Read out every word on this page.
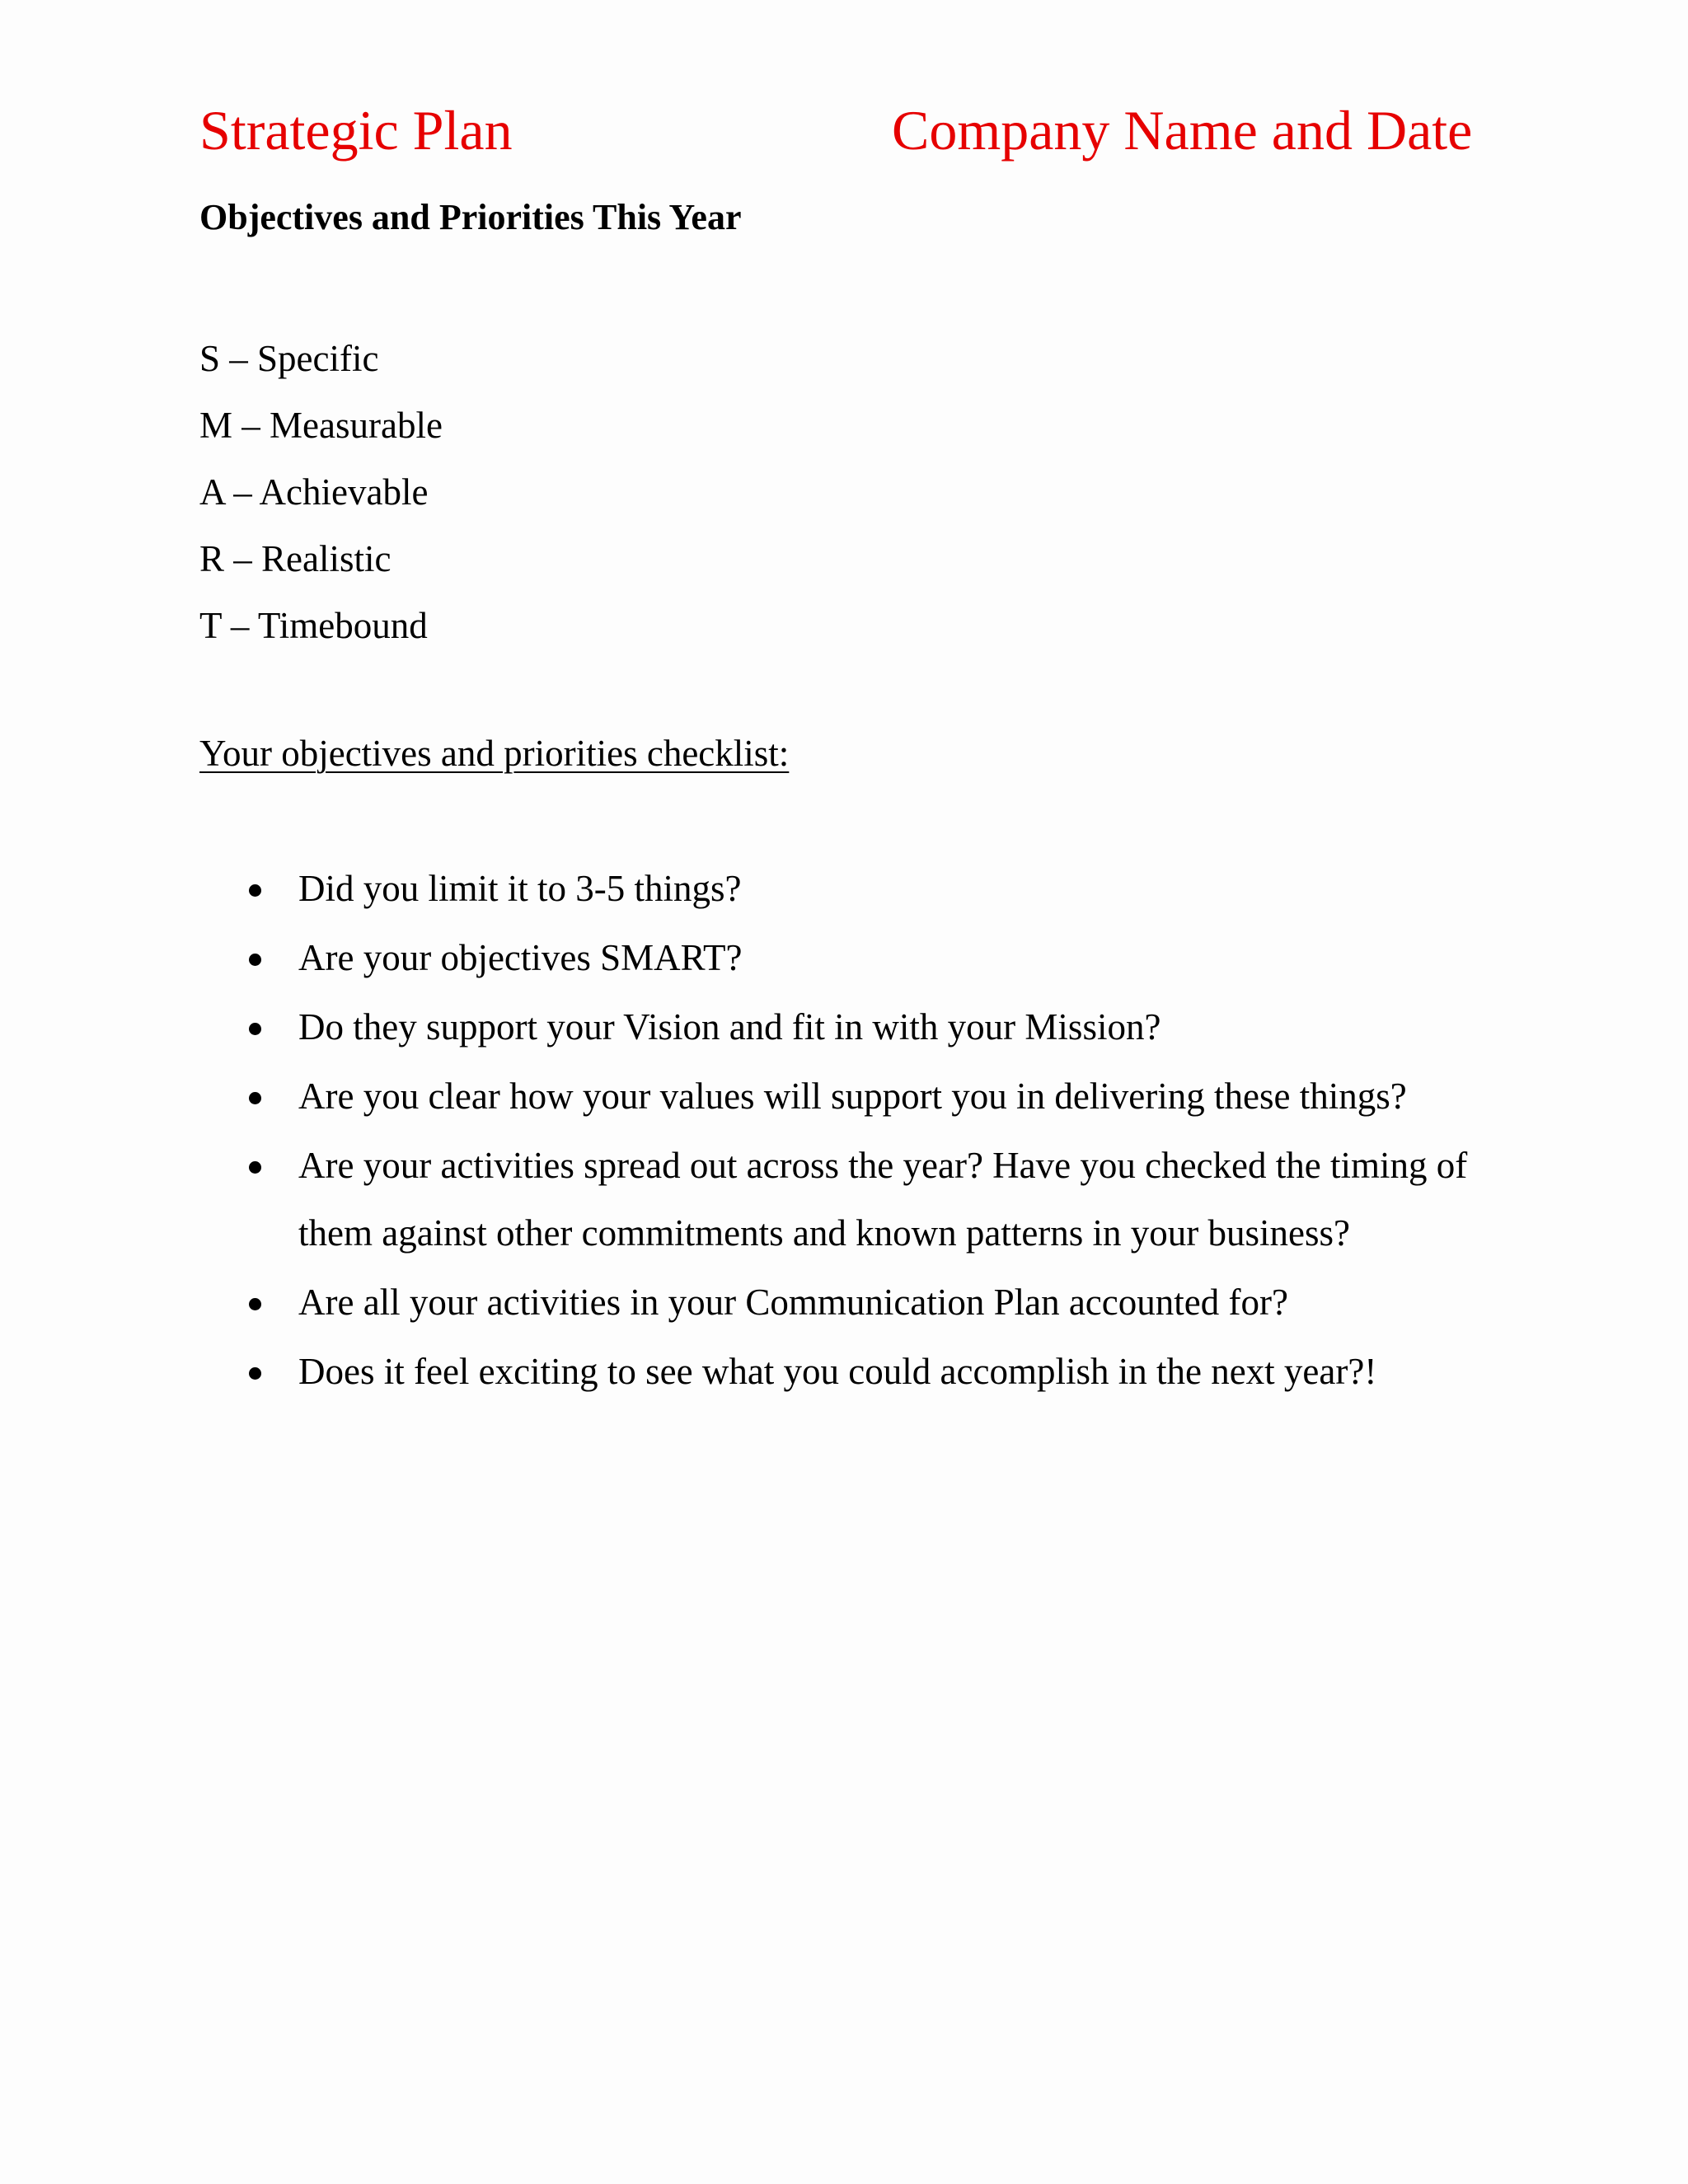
Strategic Plan	Company Name and Date
Objectives and Priorities This Year
S – Specific
M – Measurable
A – Achievable
R – Realistic
T – Timebound
Your objectives and priorities checklist:
Did you limit it to 3-5 things?
Are your objectives SMART?
Do they support your Vision and fit in with your Mission?
Are you clear how your values will support you in delivering these things?
Are your activities spread out across the year? Have you checked the timing of them against other commitments and known patterns in your business?
Are all your activities in your Communication Plan accounted for?
Does it feel exciting to see what you could accomplish in the next year?!
